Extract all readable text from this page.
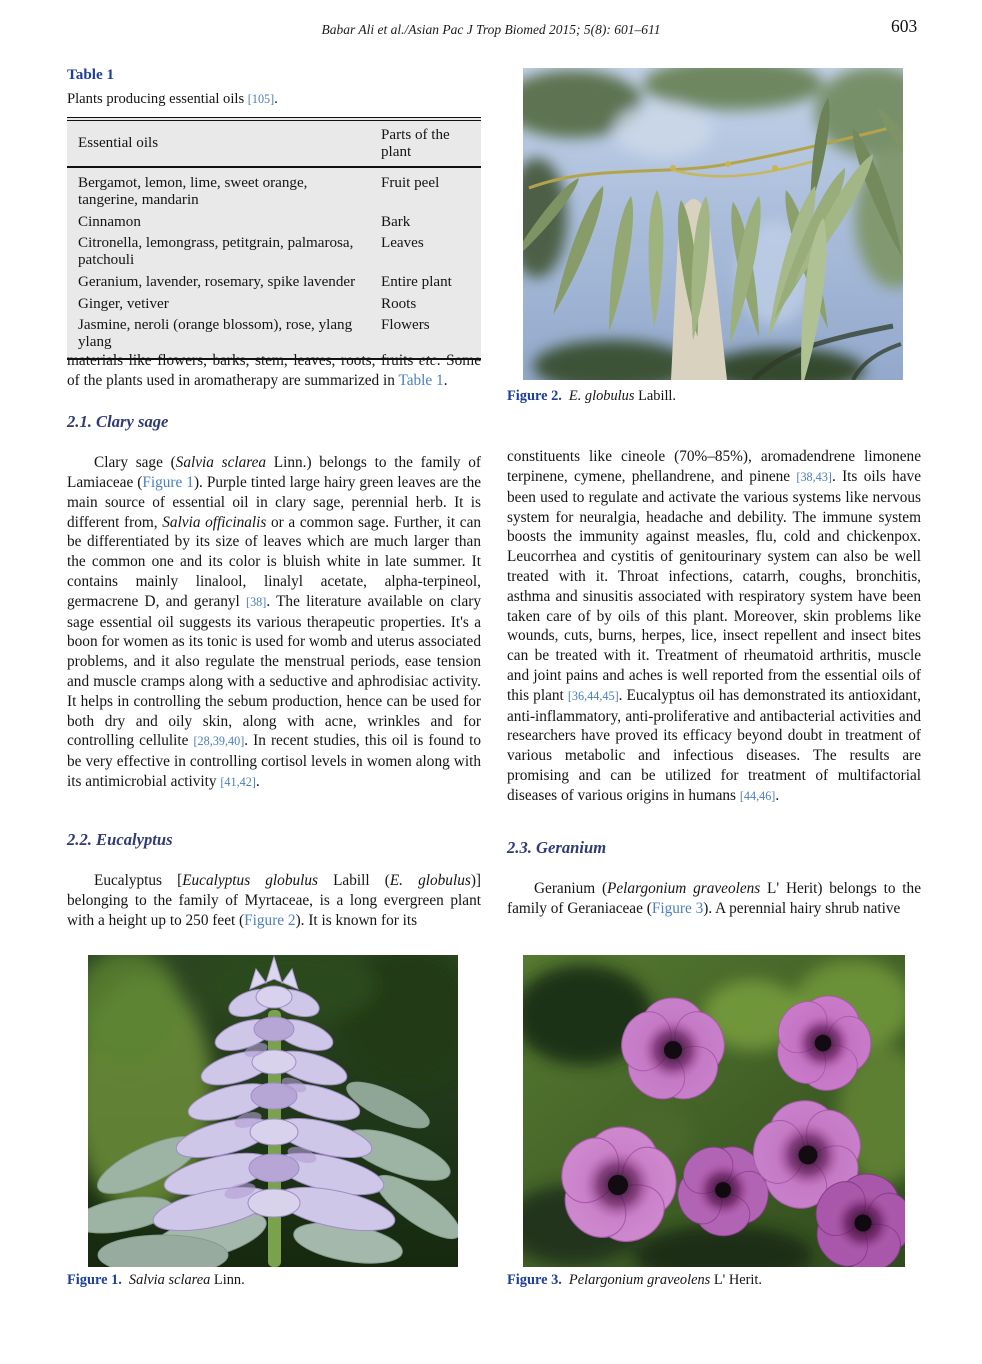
Babar Ali et al./Asian Pac J Trop Biomed 2015; 5(8): 601–611	603
Table 1
Plants producing essential oils [105].
Essential oils	Parts of the plant
Bergamot, lemon, lime, sweet orange, tangerine, mandarin	Fruit peel
Cinnamon	Bark
Citronella, lemongrass, petitgrain, palmarosa, patchouli	Leaves
Geranium, lavender, rosemary, spike lavender	Entire plant
Ginger, vetiver	Roots
Jasmine, neroli (orange blossom), rose, ylang ylang	Flowers

materials like flowers, barks, stem, leaves, roots, fruits etc. Some of the plants used in aromatherapy are summarized in Table 1.

2.1. Clary sage

Clary sage (Salvia sclarea Linn.) belongs to the family of Lamiaceae (Figure 1). Purple tinted large hairy green leaves are the main source of essential oil in clary sage, perennial herb. It is different from, Salvia officinalis or a common sage. Further, it can be differentiated by its size of leaves which are much larger than the common one and its color is bluish white in late summer. It contains mainly linalool, linalyl acetate, alpha-terpineol, germacrene D, and geranyl [38]. The literature available on clary sage essential oil suggests its various therapeutic properties. It's a boon for women as its tonic is used for womb and uterus associated problems, and it also regulate the menstrual periods, ease tension and muscle cramps along with a seductive and aphrodisiac activity. It helps in controlling the sebum production, hence can be used for both dry and oily skin, along with acne, wrinkles and for controlling cellulite [28,39,40]. In recent studies, this oil is found to be very effective in controlling cortisol levels in women along with its antimicrobial activity [41,42].

2.2. Eucalyptus

Eucalyptus [Eucalyptus globulus Labill (E. globulus)] belonging to the family of Myrtaceae, is a long evergreen plant with a height up to 250 feet (Figure 2). It is known for its

Figure 2. E. globulus Labill.

constituents like cineole (70%–85%), aromadendrene limonene terpinene, cymene, phellandrene, and pinene [38,43]. Its oils have been used to regulate and activate the various systems like nervous system for neuralgia, headache and debility. The immune system boosts the immunity against measles, flu, cold and chickenpox. Leucorrhea and cystitis of genitourinary system can also be well treated with it. Throat infections, catarrh, coughs, bronchitis, asthma and sinusitis associated with respiratory system have been taken care of by oils of this plant. Moreover, skin problems like wounds, cuts, burns, herpes, lice, insect repellent and insect bites can be treated with it. Treatment of rheumatoid arthritis, muscle and joint pains and aches is well reported from the essential oils of this plant [36,44,45]. Eucalyptus oil has demonstrated its antioxidant, anti-inflammatory, anti-proliferative and antibacterial activities and researchers have proved its efficacy beyond doubt in treatment of various metabolic and infectious diseases. The results are promising and can be utilized for treatment of multifactorial diseases of various origins in humans [44,46].

2.3. Geranium

Geranium (Pelargonium graveolens L' Herit) belongs to the family of Geraniaceae (Figure 3). A perennial hairy shrub native

Figure 1. Salvia sclarea Linn.	Figure 3. Pelargonium graveolens L' Herit.
